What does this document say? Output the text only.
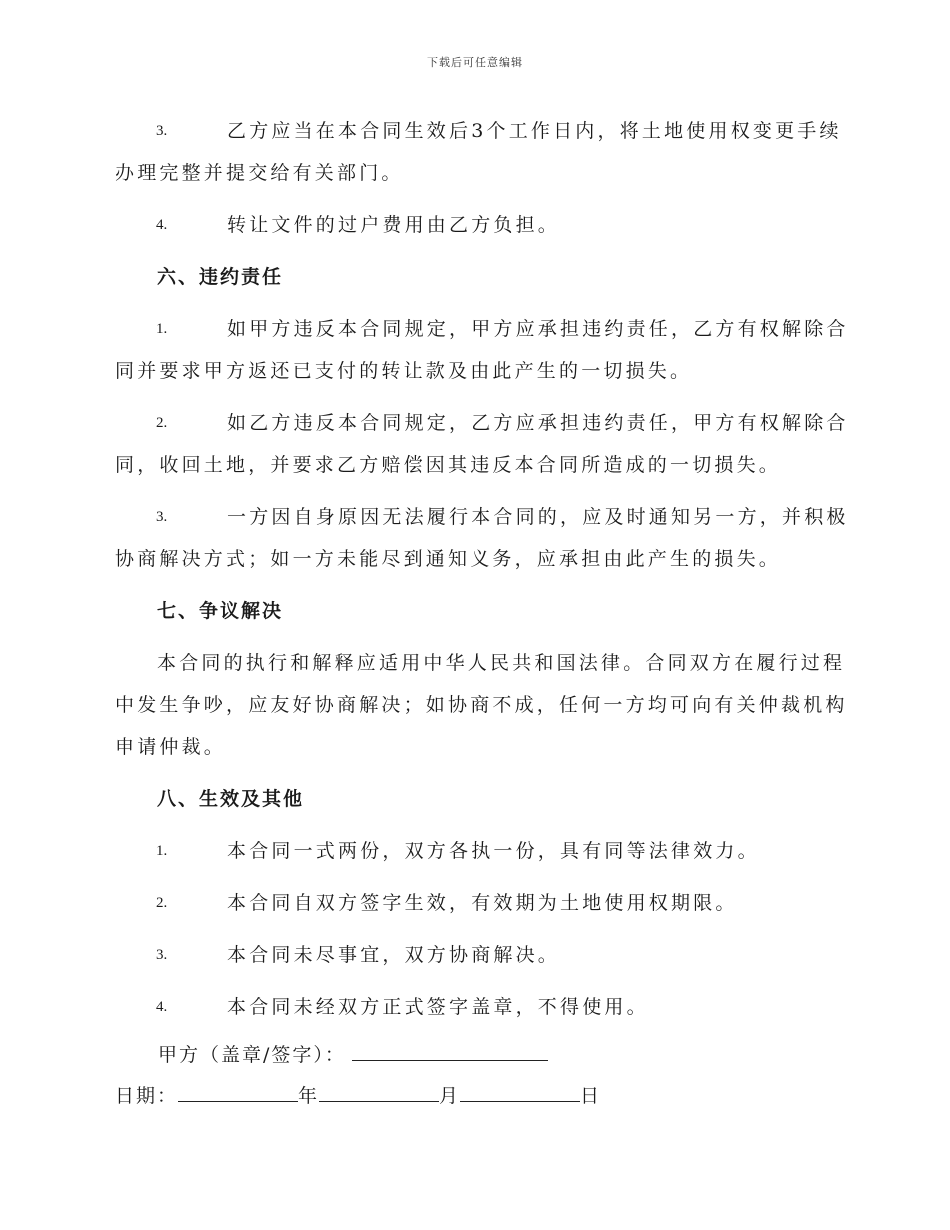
下载后可任意编辑
3.	乙方应当在本合同生效后3个工作日内，将土地使用权变更手续
办理完整并提交给有关部门。
4.	转让文件的过户费用由乙方负担。
六、违约责任
1.	如甲方违反本合同规定，甲方应承担违约责任，乙方有权解除合
同并要求甲方返还已支付的转让款及由此产生的一切损失。
2.	如乙方违反本合同规定，乙方应承担违约责任，甲方有权解除合
同，收回土地，并要求乙方赔偿因其违反本合同所造成的一切损失。
3.	一方因自身原因无法履行本合同的，应及时通知另一方，并积极
协商解决方式；如一方未能尽到通知义务，应承担由此产生的损失。
七、争议解决
本合同的执行和解释应适用中华人民共和国法律。合同双方在履行过程
中发生争吵，应友好协商解决；如协商不成，任何一方均可向有关仲裁机构
申请仲裁。
八、生效及其他
1.	本合同一式两份，双方各执一份，具有同等法律效力。
2.	本合同自双方签字生效，有效期为土地使用权期限。
3.	本合同未尽事宜，双方协商解决。
4.	本合同未经双方正式签字盖章，不得使用。
甲方（盖章/签字）：
日期：	年	月	日
